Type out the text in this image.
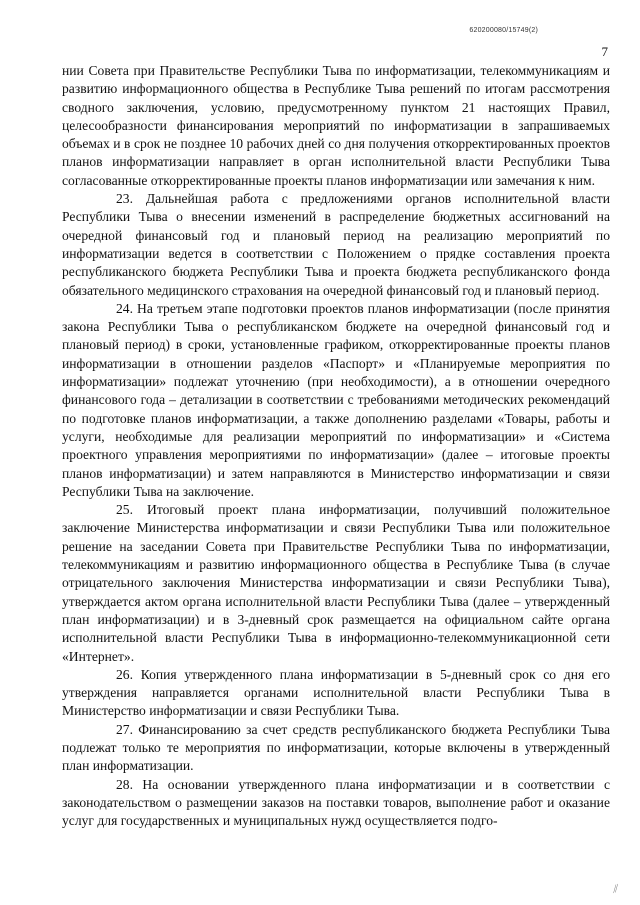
620200080/15749(2)
7

нии Совета при Правительстве Республики Тыва по информатизации, телекоммуникациям и развитию информационного общества в Республике Тыва решений по итогам рассмотрения сводного заключения, условию, предусмотренному пунктом 21 настоящих Правил, целесообразности финансирования мероприятий по информатизации в запрашиваемых объемах и в срок не позднее 10 рабочих дней со дня получения откорректированных проектов планов информатизации направляет в орган исполнительной власти Республики Тыва согласованные откорректированные проекты планов информатизации или замечания к ним.

23. Дальнейшая работа с предложениями органов исполнительной власти Республики Тыва о внесении изменений в распределение бюджетных ассигнований на очередной финансовый год и плановый период на реализацию мероприятий по информатизации ведется в соответствии с Положением о прядке составления проекта республиканского бюджета Республики Тыва и проекта бюджета республиканского фонда обязательного медицинского страхования на очередной финансовый год и плановый период.

24. На третьем этапе подготовки проектов планов информатизации (после принятия закона Республики Тыва о республиканском бюджете на очередной финансовый год и плановый период) в сроки, установленные графиком, откорректированные проекты планов информатизации в отношении разделов «Паспорт» и «Планируемые мероприятия по информатизации» подлежат уточнению (при необходимости), а в отношении очередного финансового года – детализации в соответствии с требованиями методических рекомендаций по подготовке планов информатизации, а также дополнению разделами «Товары, работы и услуги, необходимые для реализации мероприятий по информатизации» и «Система проектного управления мероприятиями по информатизации» (далее – итоговые проекты планов информатизации) и затем направляются в Министерство информатизации и связи Республики Тыва на заключение.

25. Итоговый проект плана информатизации, получивший положительное заключение Министерства информатизации и связи Республики Тыва или положительное решение на заседании Совета при Правительстве Республики Тыва по информатизации, телекоммуникациям и развитию информационного общества в Республике Тыва (в случае отрицательного заключения Министерства информатизации и связи Республики Тыва), утверждается актом органа исполнительной власти Республики Тыва (далее – утвержденный план информатизации) и в 3-дневный срок размещается на официальном сайте органа исполнительной власти Республики Тыва в информационно-телекоммуникационной сети «Интернет».

26. Копия утвержденного плана информатизации в 5-дневный срок со дня его утверждения направляется органами исполнительной власти Республики Тыва в Министерство информатизации и связи Республики Тыва.

27. Финансированию за счет средств республиканского бюджета Республики Тыва подлежат только те мероприятия по информатизации, которые включены в утвержденный план информатизации.

28. На основании утвержденного плана информатизации и в соответствии с законодательством о размещении заказов на поставки товаров, выполнение работ и оказание услуг для государственных и муниципальных нужд осуществляется подго-

⁄⁄
